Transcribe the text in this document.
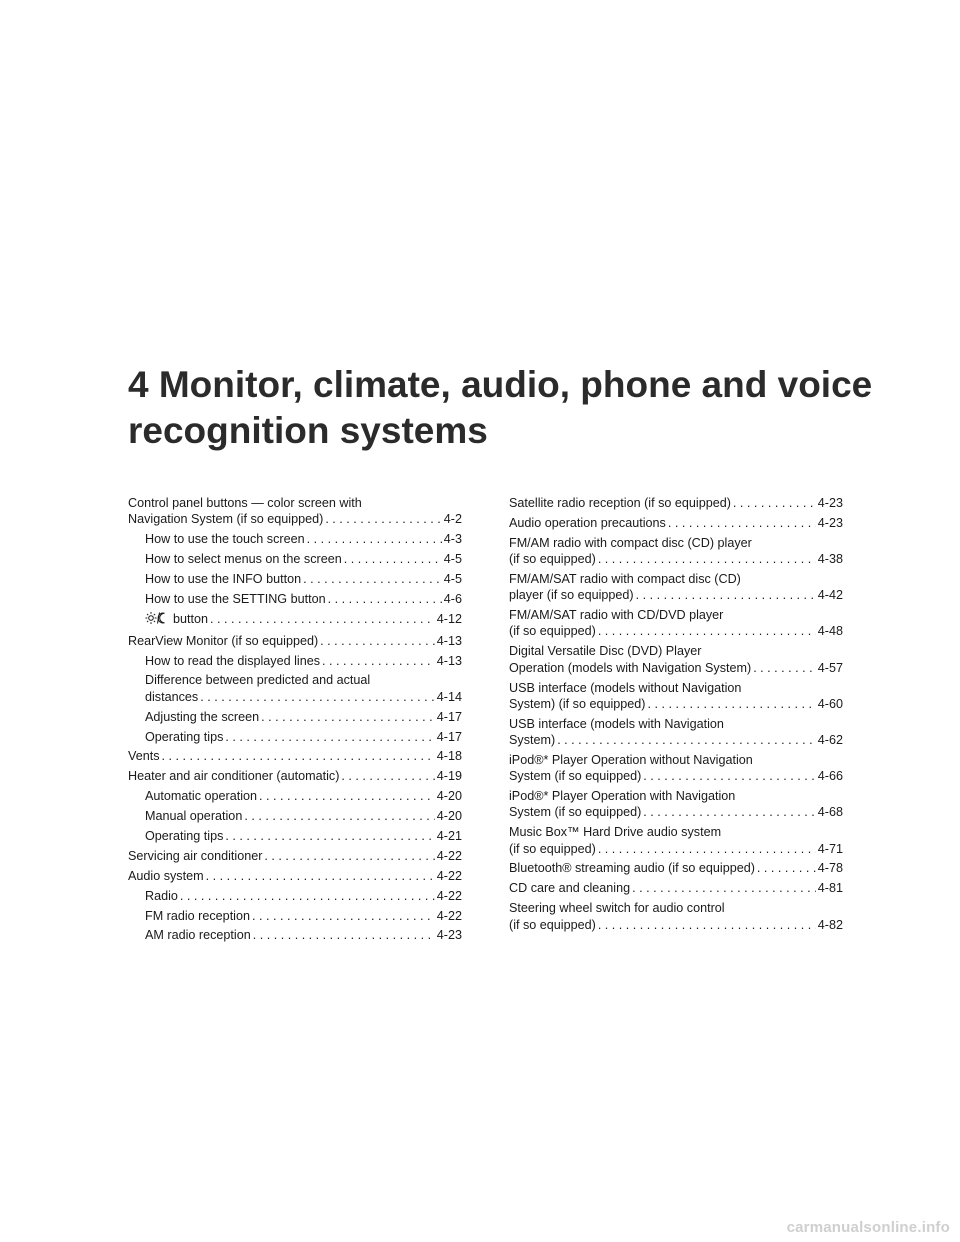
4 Monitor, climate, audio, phone and voice
recognition systems
Control panel buttons — color screen with
Navigation System (if so equipped) . . .	4-2
How to use the touch screen . . .	4-3
How to select menus on the screen . . .	4-5
How to use the INFO button . . .	4-5
How to use the SETTING button . . .	4-6
button . . .	4-12
RearView Monitor (if so equipped) . . .	4-13
How to read the displayed lines . . .	4-13
Difference between predicted and actual
distances . . .	4-14
Adjusting the screen . . .	4-17
Operating tips . . .	4-17
Vents . . .	4-18
Heater and air conditioner (automatic) . . .	4-19
Automatic operation . . .	4-20
Manual operation . . .	4-20
Operating tips . . .	4-21
Servicing air conditioner . . .	4-22
Audio system . . .	4-22
Radio . . .	4-22
FM radio reception . . .	4-22
AM radio reception . . .	4-23
Satellite radio reception (if so equipped) . . .	4-23
Audio operation precautions . . .	4-23
FM/AM radio with compact disc (CD) player
(if so equipped) . . .	4-38
FM/AM/SAT radio with compact disc (CD)
player (if so equipped) . . .	4-42
FM/AM/SAT radio with CD/DVD player
(if so equipped) . . .	4-48
Digital Versatile Disc (DVD) Player
Operation (models with Navigation System) . . .	4-57
USB interface (models without Navigation
System) (if so equipped) . . .	4-60
USB interface (models with Navigation
System) . . .	4-62
iPod®* Player Operation without Navigation
System (if so equipped) . . .	4-66
iPod®* Player Operation with Navigation
System (if so equipped) . . .	4-68
Music Box™ Hard Drive audio system
(if so equipped) . . .	4-71
Bluetooth® streaming audio (if so equipped) . . .	4-78
CD care and cleaning . . .	4-81
Steering wheel switch for audio control
(if so equipped) . . .	4-82
carmanualsonline.info
